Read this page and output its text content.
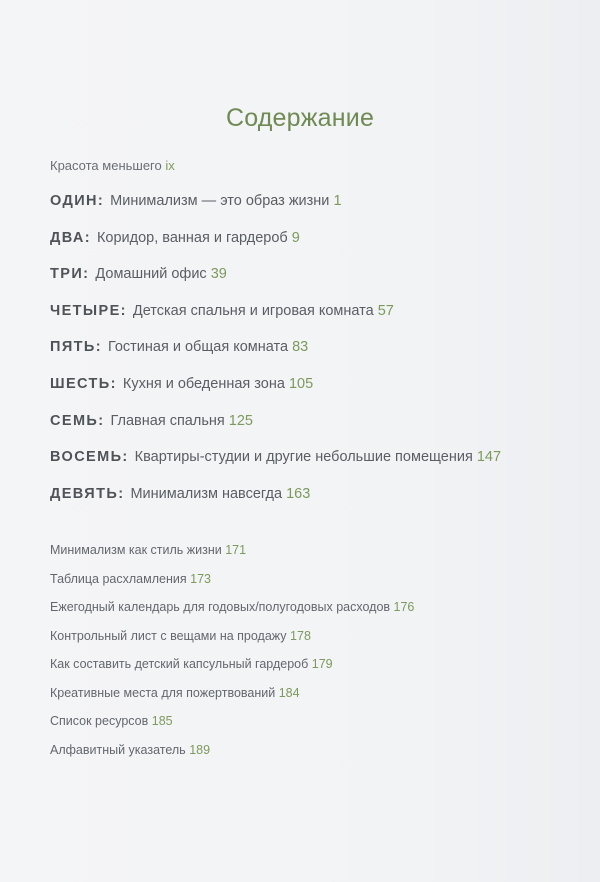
Содержание
Красота меньшего ix
ОДИН: Минимализм — это образ жизни 1
ДВА: Коридор, ванная и гардероб 9
ТРИ: Домашний офис 39
ЧЕТЫРЕ: Детская спальня и игровая комната 57
ПЯТЬ: Гостиная и общая комната 83
ШЕСТЬ: Кухня и обеденная зона 105
СЕМЬ: Главная спальня 125
ВОСЕМЬ: Квартиры-студии и другие небольшие помещения 147
ДЕВЯТЬ: Минимализм навсегда 163
Минимализм как стиль жизни 171
Таблица расхламления 173
Ежегодный календарь для годовых/полугодовых расходов 176
Контрольный лист с вещами на продажу 178
Как составить детский капсульный гардероб 179
Креативные места для пожертвований 184
Список ресурсов 185
Алфавитный указатель 189
